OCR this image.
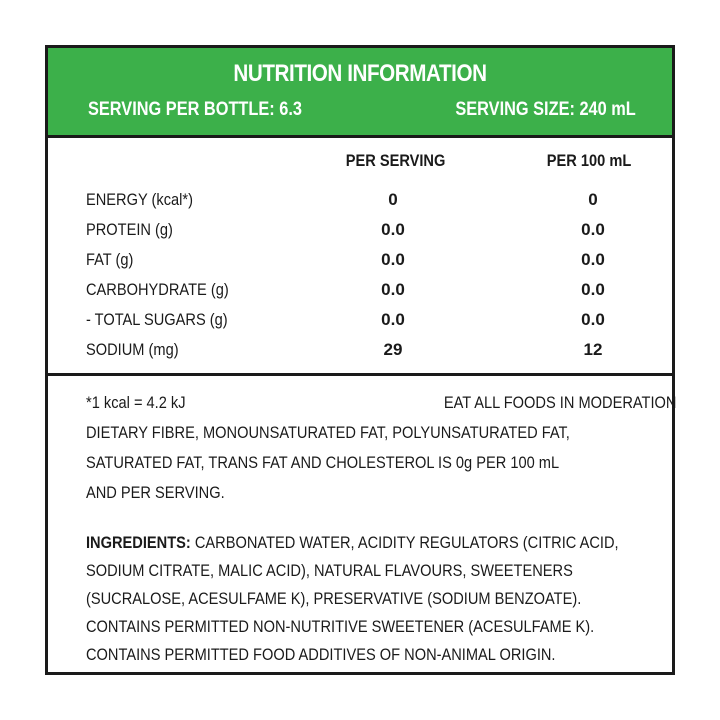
NUTRITION INFORMATION
SERVING PER BOTTLE: 6.3	SERVING SIZE: 240 mL
PER SERVING	PER 100 mL
ENERGY (kcal*)	0	0
PROTEIN (g)	0.0	0.0
FAT (g)	0.0	0.0
CARBOHYDRATE (g)	0.0	0.0
- TOTAL SUGARS (g)	0.0	0.0
SODIUM (mg)	29	12
*1 kcal = 4.2 kJ	EAT ALL FOODS IN MODERATION
DIETARY FIBRE, MONOUNSATURATED FAT, POLYUNSATURATED FAT,
SATURATED FAT, TRANS FAT AND CHOLESTEROL IS 0g PER 100 mL
AND PER SERVING.
INGREDIENTS: CARBONATED WATER, ACIDITY REGULATORS (CITRIC ACID,
SODIUM CITRATE, MALIC ACID), NATURAL FLAVOURS, SWEETENERS
(SUCRALOSE, ACESULFAME K), PRESERVATIVE (SODIUM BENZOATE).
CONTAINS PERMITTED NON-NUTRITIVE SWEETENER (ACESULFAME K).
CONTAINS PERMITTED FOOD ADDITIVES OF NON-ANIMAL ORIGIN.
